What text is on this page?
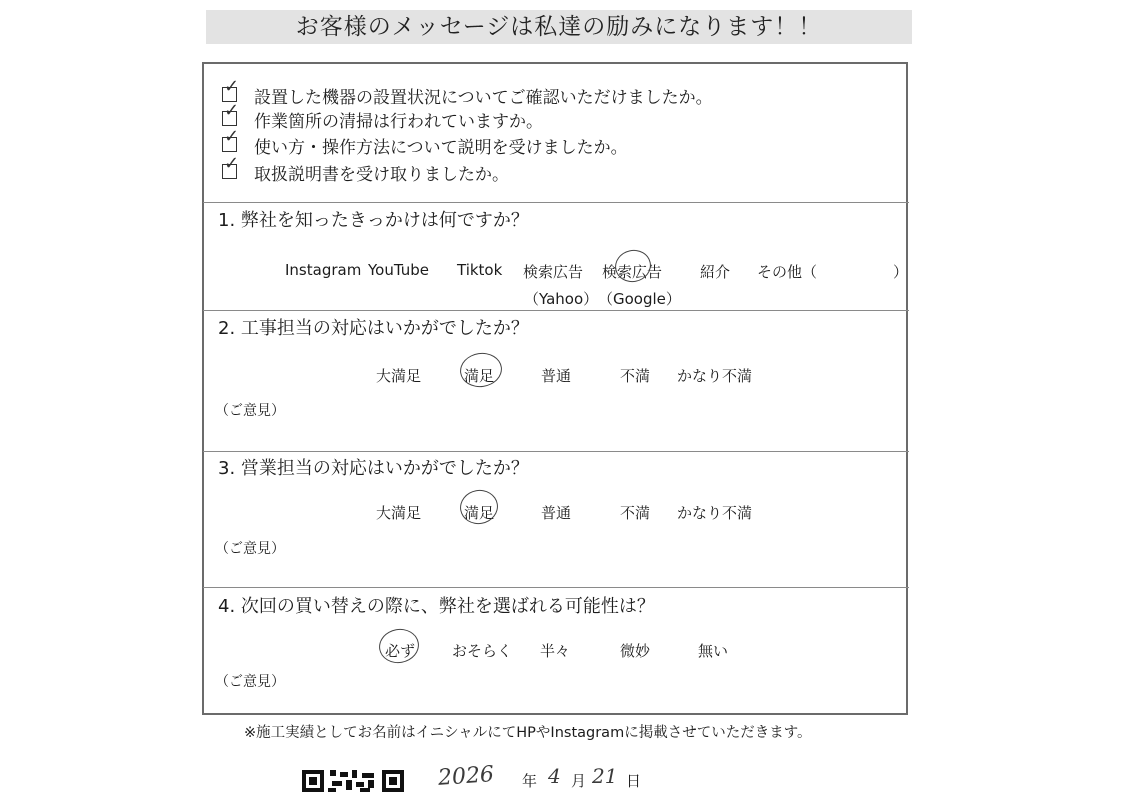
お客様のメッセージは私達の励みになります！！
✓
設置した機器の設置状況についてご確認いただけましたか。
✓
作業箇所の清掃は行われていますか。
✓
使い方・操作方法について説明を受けましたか。
✓
取扱説明書を受け取りましたか。
1. 弊社を知ったきっかけは何ですか？
Instagram YouTube Tiktok 検索広告 検索広告	紹介 その他（	）
（Yahoo） （Google）
2. 工事担当の対応はいかがでしたか？
大満足	満足	普通	不満 かなり不満
（ご意見）
3. 営業担当の対応はいかがでしたか？
大満足	満足	普通	不満 かなり不満
（ご意見）
4. 次回の買い替えの際に、弊社を選ばれる可能性は？
必ず おそらく 半々	微妙	無い
（ご意見）
※施工実績としてお名前はイニシャルにてHPやInstagramに掲載させていただきます。
2026 年 4 月 21 日
